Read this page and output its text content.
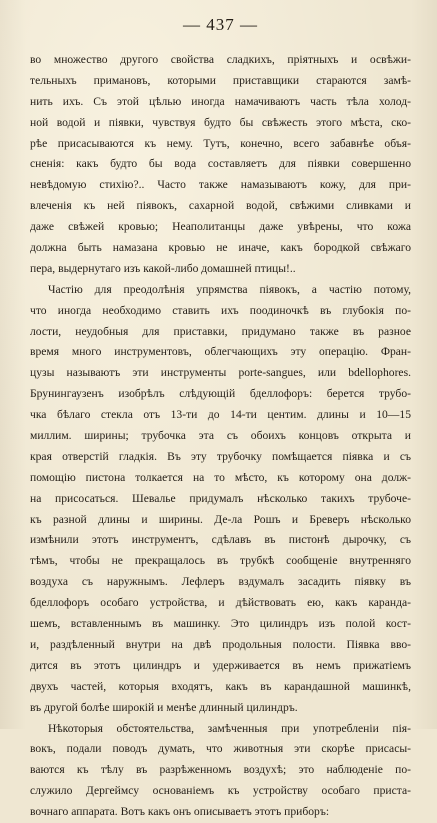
— 437 —
во множество другого свойства сладкихъ, пріятныхъ и освѣжи-
тельныхъ примановъ, которыми приставщики стараются замѣ-
нить ихъ. Съ этой цѣлью иногда намачиваютъ часть тѣла холод-
ной водой и піявки, чувствуя будто бы свѣжесть этого мѣста, ско-
рѣе присасываются къ нему. Тутъ, конечно, всего забавнѣе объя-
сненія: какъ будто бы вода составляетъ для піявки совершенно
невѣдомую стихію?.. Часто также намазываютъ кожу, для при-
влеченія къ ней піявокъ, сахарной водой, свѣжими сливками и
даже свѣжей кровью; Неаполитанцы даже увѣрены, что кожа
должна быть намазана кровью не иначе, какъ бородкой свѣжаго
пера, выдернутаго изъ какой-либо домашней птицы!..
Частію для преодолѣнія упрямства піявокъ, а частію потому,
что иногда необходимо ставить ихъ поодиночкѣ въ глубокія по-
лости, неудобныя для приставки, придумано также въ разное
время много инструментовъ, облегчающихъ эту операцію. Фран-
цузы называютъ эти инструменты porte-sangues, или bdellophores.
Брунингаузенъ изобрѣлъ слѣдующій бделлофоръ: берется трубо-
чка бѣлаго стекла отъ 13-ти до 14-ти центим. длины и 10—15
миллим. ширины; трубочка эта съ обоихъ концовъ открыта и
края отверстій гладкія. Въ эту трубочку помѣщается піявка и съ
помощію пистона толкается на то мѣсто, къ которому она долж-
на присосаться. Шевалье придумалъ нѣсколько такихъ трубоче-
къ разной длины и ширины. Де-ла Рошъ и Бреверъ нѣсколько
измѣнили этотъ инструментъ, сдѣлавъ въ пистонѣ дырочку, съ
тѣмъ, чтобы не прекращалось въ трубкѣ сообщеніе внутренняго
воздуха съ наружнымъ. Лефлеръ вздумалъ засадить піявку въ
бделлофоръ особаго устройства, и дѣйствовать ею, какъ каранда-
шемъ, вставленнымъ въ машинку. Это цилиндръ изъ полой кост-
и, раздѣленный внутри на двѣ продольныя полости. Піявка вво-
дится въ этотъ цилиндръ и удерживается въ немъ прижатіемъ
двухъ частей, которыя входятъ, какъ въ карандашной машинкѣ,
въ другой болѣе широкій и менѣе длинный цилиндръ.
Нѣкоторыя обстоятельства, замѣченныя при употребленіи пія-
вокъ, подали поводъ думать, что животныя эти скорѣе присасы-
ваются къ тѣлу въ разрѣженномъ воздухѣ; это наблюденіе по-
служило Дергеймсу основаніемъ къ устройству особаго приста-
вочнаго аппарата. Вотъ какъ онъ описываетъ этотъ приборъ:
